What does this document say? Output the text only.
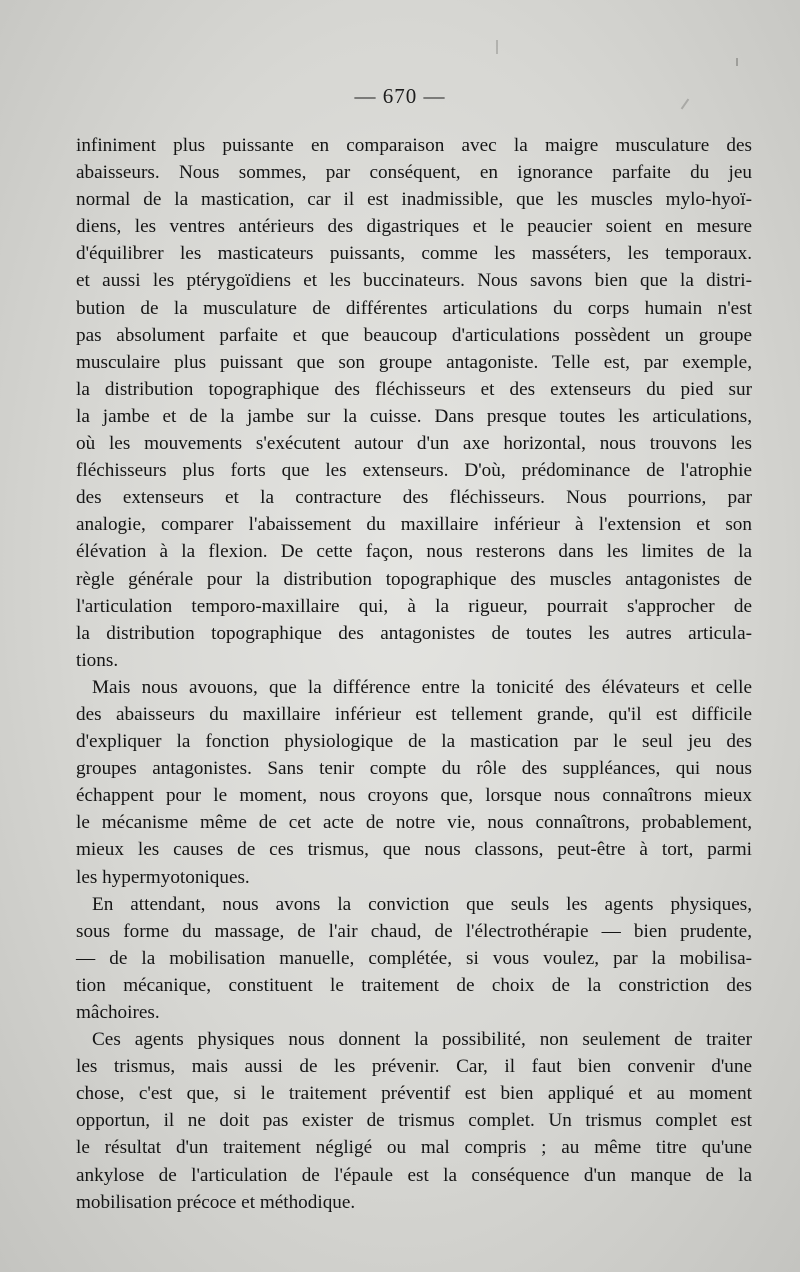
— 670 —
infiniment plus puissante en comparaison avec la maigre musculature des
abaisseurs. Nous sommes, par conséquent, en ignorance parfaite du jeu
normal de la mastication, car il est inadmissible, que les muscles mylo-hyoï-
diens, les ventres antérieurs des digastriques et le peaucier soient en mesure
d'équilibrer les masticateurs puissants, comme les masséters, les temporaux.
et aussi les ptérygoïdiens et les buccinateurs. Nous savons bien que la distri-
bution de la musculature de différentes articulations du corps humain n'est
pas absolument parfaite et que beaucoup d'articulations possèdent un groupe
musculaire plus puissant que son groupe antagoniste. Telle est, par exemple,
la distribution topographique des fléchisseurs et des extenseurs du pied sur
la jambe et de la jambe sur la cuisse. Dans presque toutes les articulations,
où les mouvements s'exécutent autour d'un axe horizontal, nous trouvons les
fléchisseurs plus forts que les extenseurs. D'où, prédominance de l'atrophie
des extenseurs et la contracture des fléchisseurs. Nous pourrions, par
analogie, comparer l'abaissement du maxillaire inférieur à l'extension et son
élévation à la flexion. De cette façon, nous resterons dans les limites de la
règle générale pour la distribution topographique des muscles antagonistes de
l'articulation temporo-maxillaire qui, à la rigueur, pourrait s'approcher de
la distribution topographique des antagonistes de toutes les autres articula-
tions.
Mais nous avouons, que la différence entre la tonicité des élévateurs et celle
des abaisseurs du maxillaire inférieur est tellement grande, qu'il est difficile
d'expliquer la fonction physiologique de la mastication par le seul jeu des
groupes antagonistes. Sans tenir compte du rôle des suppléances, qui nous
échappent pour le moment, nous croyons que, lorsque nous connaîtrons mieux
le mécanisme même de cet acte de notre vie, nous connaîtrons, probablement,
mieux les causes de ces trismus, que nous classons, peut-être à tort, parmi
les hypermyotoniques.
En attendant, nous avons la conviction que seuls les agents physiques,
sous forme du massage, de l'air chaud, de l'électrothérapie — bien prudente,
— de la mobilisation manuelle, complétée, si vous voulez, par la mobilisa-
tion mécanique, constituent le traitement de choix de la constriction des
mâchoires.
Ces agents physiques nous donnent la possibilité, non seulement de traiter
les trismus, mais aussi de les prévenir. Car, il faut bien convenir d'une
chose, c'est que, si le traitement préventif est bien appliqué et au moment
opportun, il ne doit pas exister de trismus complet. Un trismus complet est
le résultat d'un traitement négligé ou mal compris ; au même titre qu'une
ankylose de l'articulation de l'épaule est la conséquence d'un manque de la
mobilisation précoce et méthodique.
